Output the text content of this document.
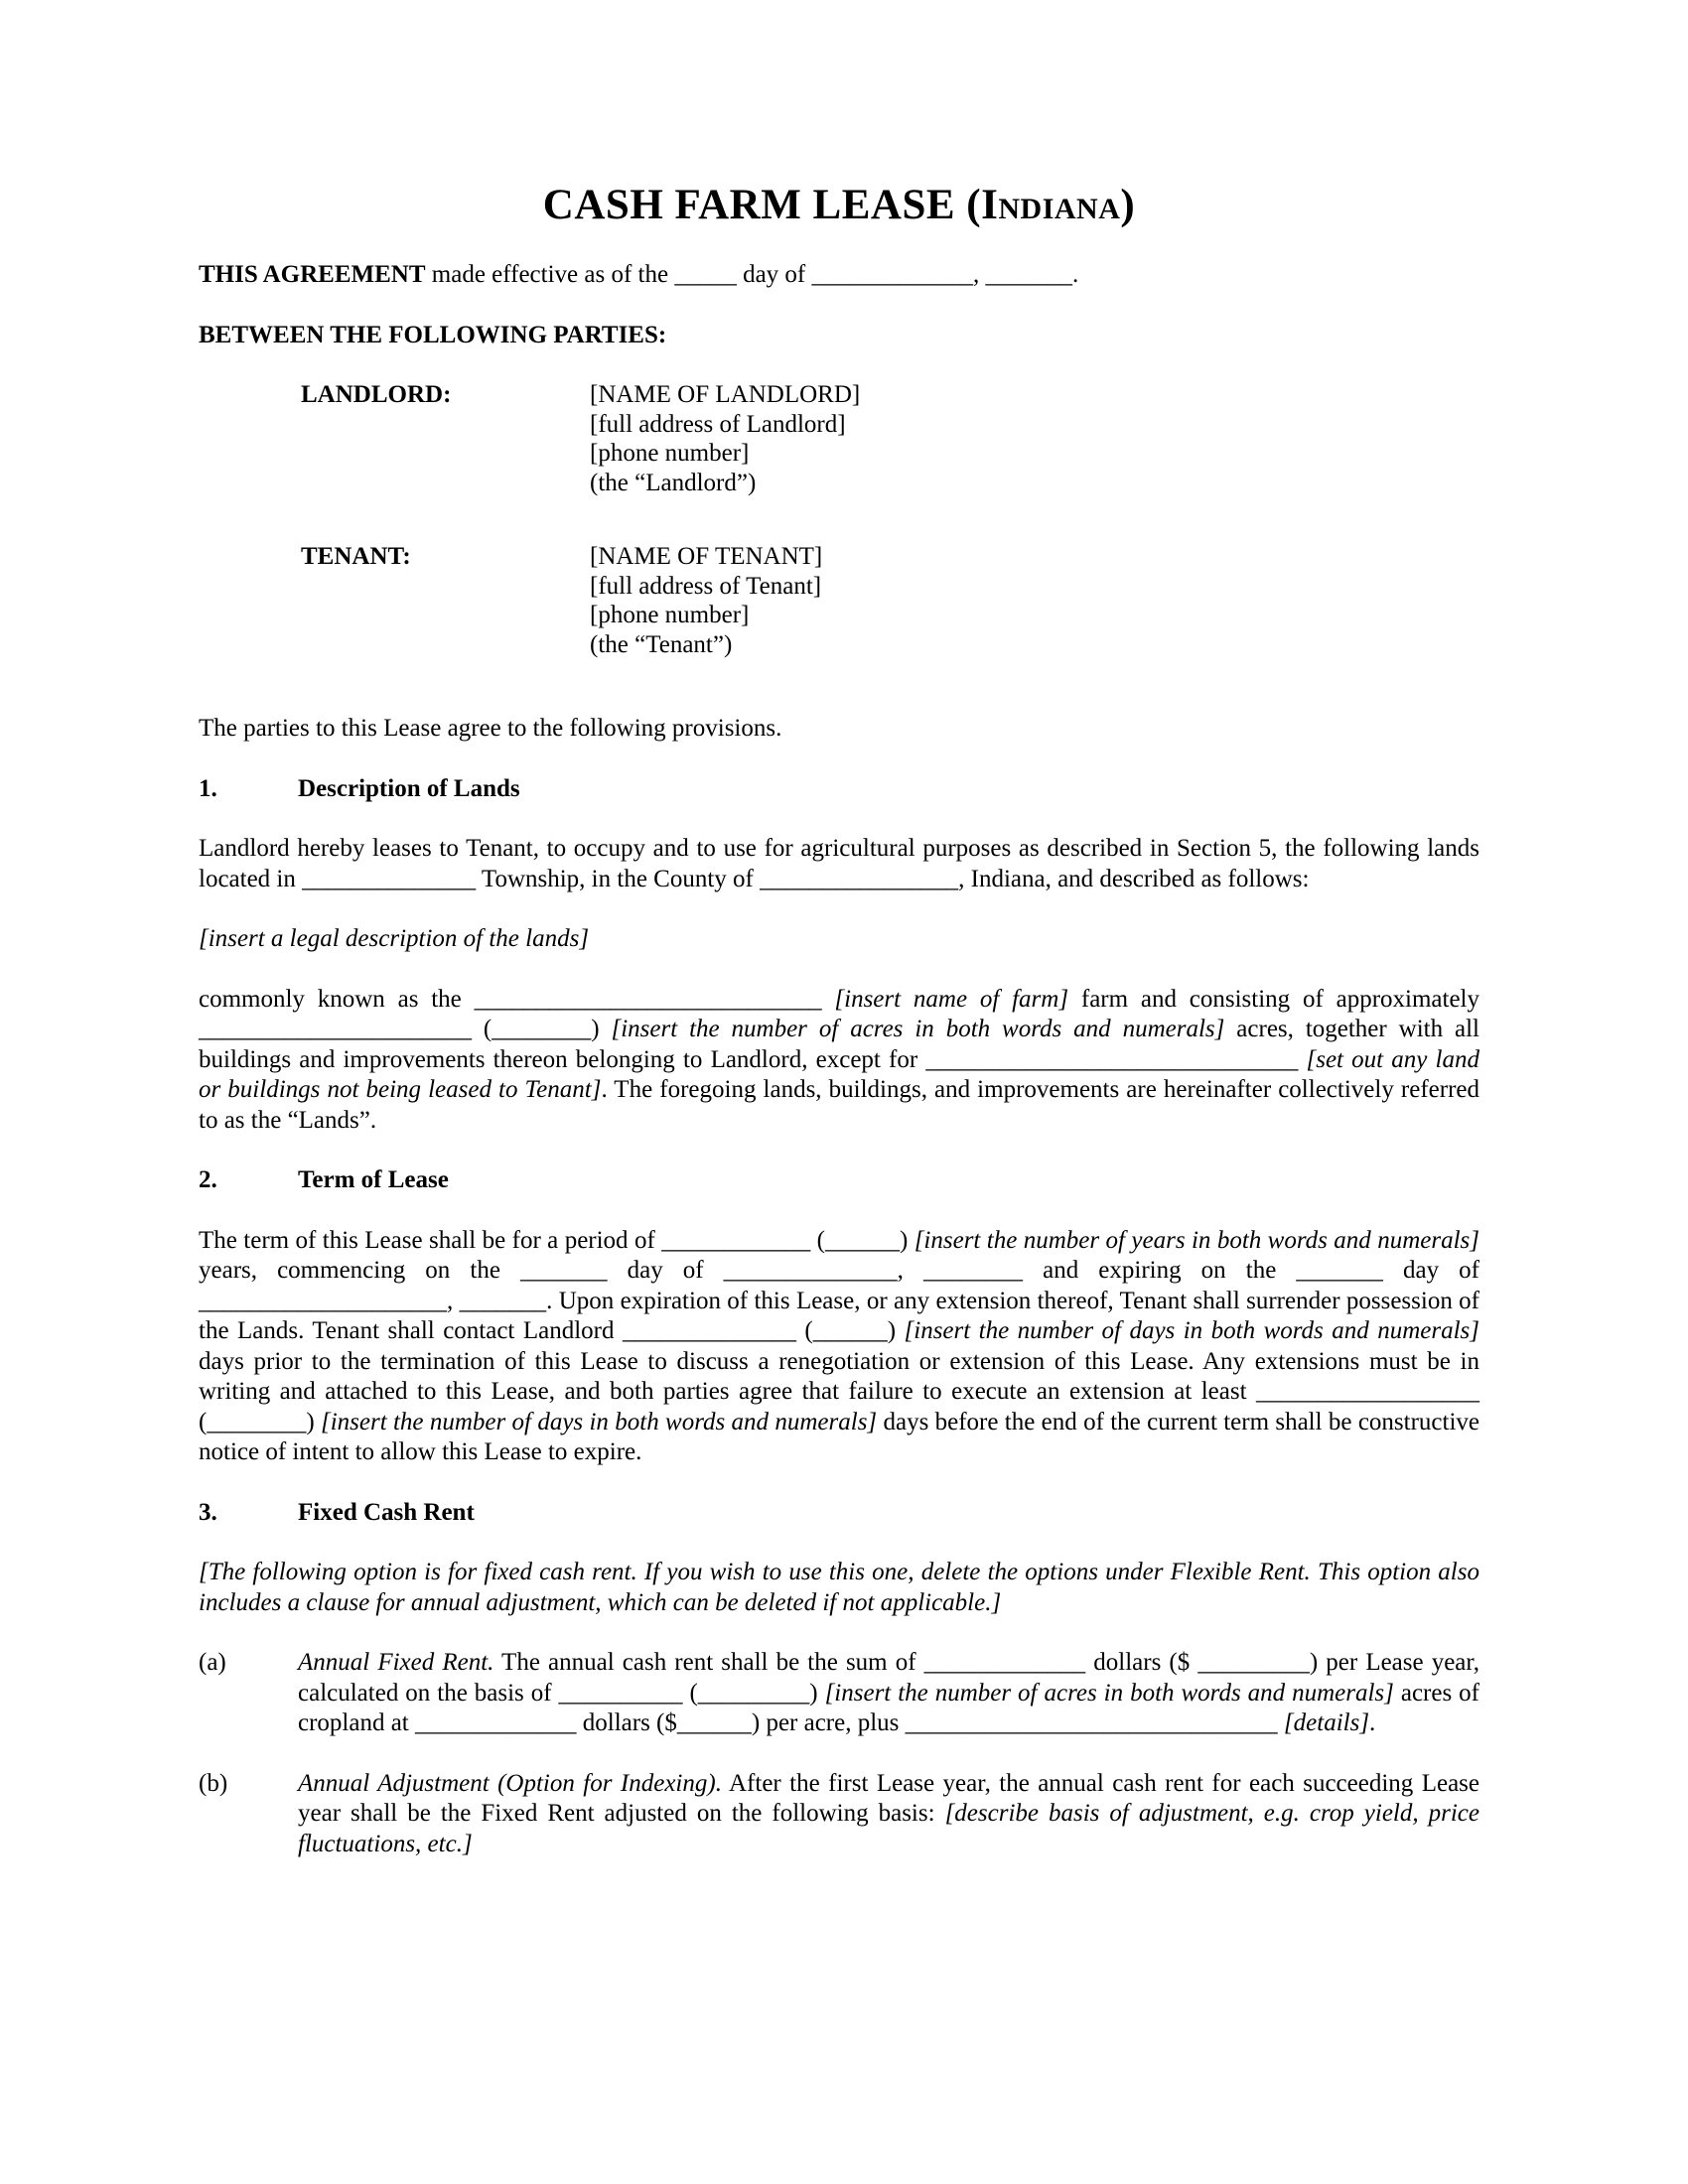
CASH FARM LEASE (Indiana)
THIS AGREEMENT made effective as of the _____ day of _____________, _______.
BETWEEN THE FOLLOWING PARTIES:
LANDLORD:	[NAME OF LANDLORD]
[full address of Landlord]
[phone number]
(the “Landlord”)
TENANT:	[NAME OF TENANT]
[full address of Tenant]
[phone number]
(the “Tenant”)
The parties to this Lease agree to the following provisions.
1.	Description of Lands
Landlord hereby leases to Tenant, to occupy and to use for agricultural purposes as described in Section 5, the following lands located in ______________ Township, in the County of ________________, Indiana, and described as follows:
[insert a legal description of the lands]
commonly known as the ____________________________ [insert name of farm] farm and consisting of approximately ______________________ (________) [insert the number of acres in both words and numerals] acres, together with all buildings and improvements thereon belonging to Landlord, except for ______________________________ [set out any land or buildings not being leased to Tenant]. The foregoing lands, buildings, and improvements are hereinafter collectively referred to as the “Lands”.
2.	Term of Lease
The term of this Lease shall be for a period of ____________ (______) [insert the number of years in both words and numerals] years, commencing on the _______ day of ______________, ________ and expiring on the _______ day of ____________________, _______. Upon expiration of this Lease, or any extension thereof, Tenant shall surrender possession of the Lands. Tenant shall contact Landlord ______________ (______) [insert the number of days in both words and numerals] days prior to the termination of this Lease to discuss a renegotiation or extension of this Lease. Any extensions must be in writing and attached to this Lease, and both parties agree that failure to execute an extension at least __________________ (________) [insert the number of days in both words and numerals] days before the end of the current term shall be constructive notice of intent to allow this Lease to expire.
3.	Fixed Cash Rent
[The following option is for fixed cash rent. If you wish to use this one, delete the options under Flexible Rent. This option also includes a clause for annual adjustment, which can be deleted if not applicable.]
(a)	Annual Fixed Rent. The annual cash rent shall be the sum of _____________ dollars ($ _________) per Lease year, calculated on the basis of __________ (_________) [insert the number of acres in both words and numerals] acres of cropland at _____________ dollars ($______) per acre, plus ______________________________ [details].
(b)	Annual Adjustment (Option for Indexing). After the first Lease year, the annual cash rent for each succeeding Lease year shall be the Fixed Rent adjusted on the following basis: [describe basis of adjustment, e.g. crop yield, price fluctuations, etc.]
